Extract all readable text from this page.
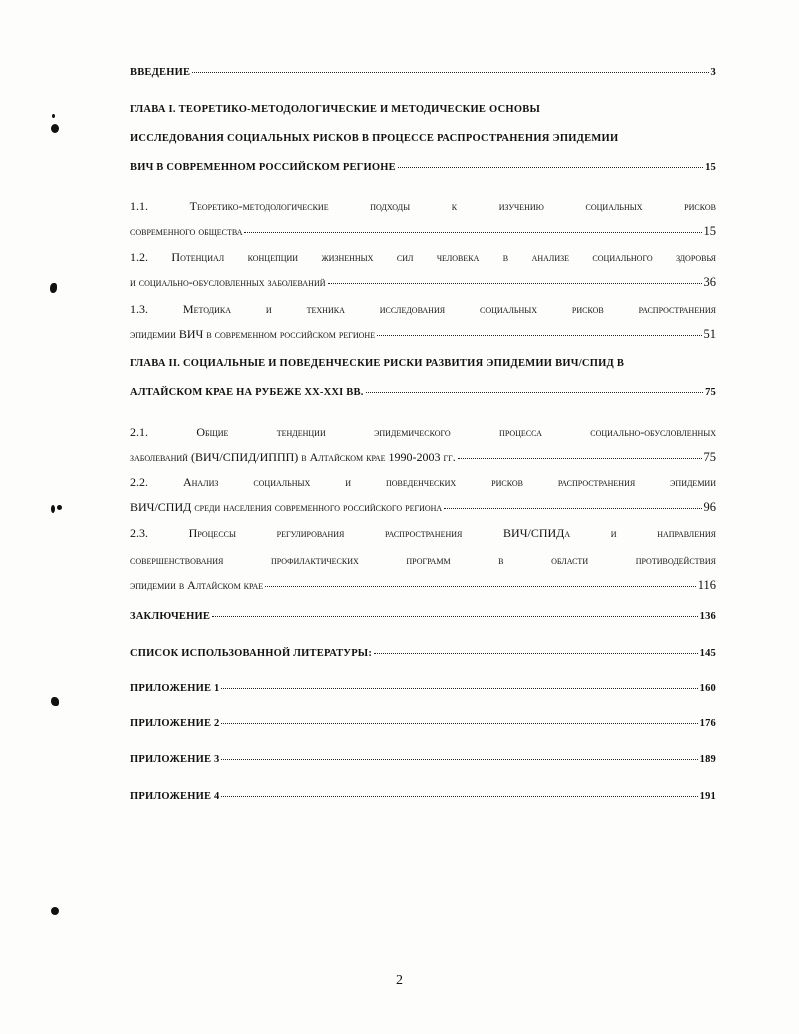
ВВЕДЕНИЕ	3
ГЛАВА I. ТЕОРЕТИКО-МЕТОДОЛОГИЧЕСКИЕ И МЕТОДИЧЕСКИЕ ОСНОВЫ
ИССЛЕДОВАНИЯ СОЦИАЛЬНЫХ РИСКОВ В ПРОЦЕССЕ РАСПРОСТРАНЕНИЯ ЭПИДЕМИИ
ВИЧ В СОВРЕМЕННОМ РОССИЙСКОМ РЕГИОНЕ	15
1.1. Теоретико-методологические подходы к изучению социальных рисков
современного общества	15
1.2. Потенциал концепции жизненных сил человека в анализе социального здоровья
и социально-обусловленных заболеваний	36
1.3. Методика и техника исследования социальных рисков распространения
эпидемии ВИЧ в современном российском регионе	51
ГЛАВА II. СОЦИАЛЬНЫЕ И ПОВЕДЕНЧЕСКИЕ РИСКИ РАЗВИТИЯ ЭПИДЕМИИ ВИЧ/СПИД В
АЛТАЙСКОМ КРАЕ НА РУБЕЖЕ XX-XXI ВВ.	75
2.1. Общие тенденции эпидемического процесса социально-обусловленных
заболеваний (ВИЧ/СПИД/ИППП) в Алтайском крае 1990-2003 гг.	75
2.2. Анализ социальных и поведенческих рисков распространения эпидемии
ВИЧ/СПИД среди населения современного российского региона	96
2.3. Процессы регулирования распространения ВИЧ/СПИДа и направления
совершенствования профилактических программ в области противодействия
эпидемии в Алтайском крае	116
ЗАКЛЮЧЕНИЕ	136
СПИСОК ИСПОЛЬЗОВАННОЙ ЛИТЕРАТУРЫ:	145
ПРИЛОЖЕНИЕ 1	160
ПРИЛОЖЕНИЕ 2	176
ПРИЛОЖЕНИЕ 3	189
ПРИЛОЖЕНИЕ 4	191
2
